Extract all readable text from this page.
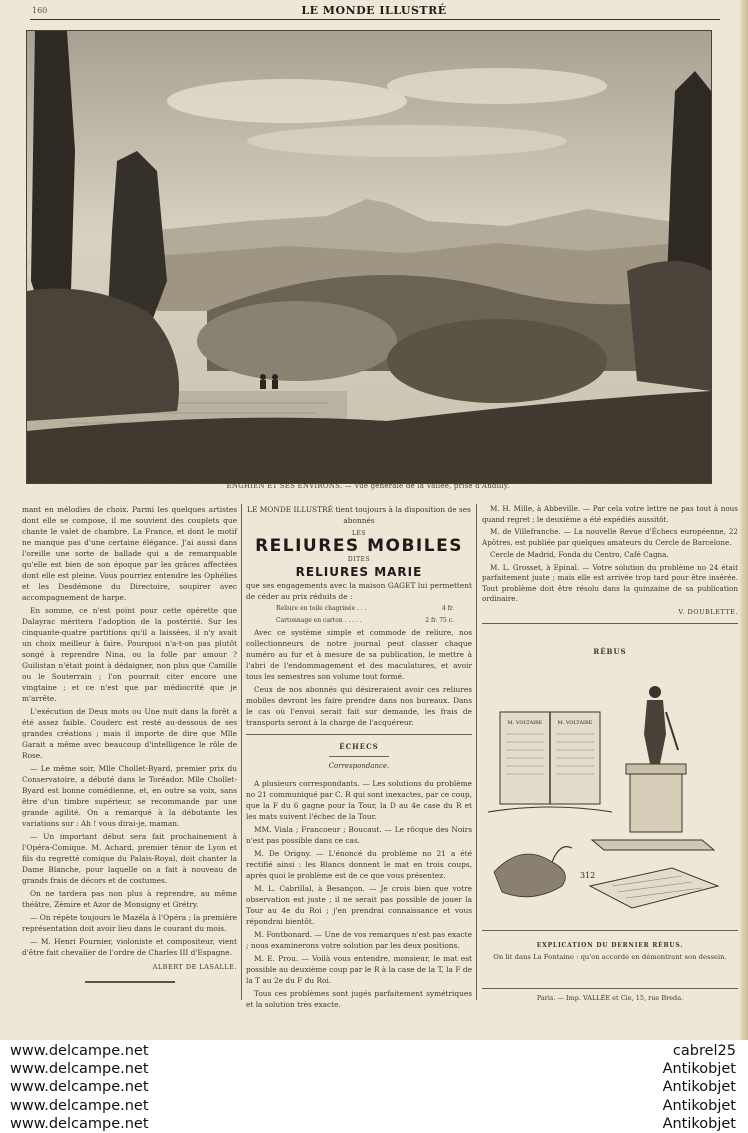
160	LE MONDE ILLUSTRÉ
ENGHIEN ET SES ENVIRONS. — Vue générale de la Vallée, prise d'Andilly.

mant en mélodies de choix. Parmi les quelques artistes dont elle se compose, il me souvient des couplets que chante le valet de chambre. La France, et dont le motif ne manque pas d'une certaine élégance. J'ai aussi dans l'oreille une sorte de ballade qui a de remarquable qu'elle est bien de son époque par les grâces affectées dont elle est pleine. Vous pourriez entendre les Ophélies et les Desdémone du Directoire, soupirer avec accompagnement de harpe.

En somme, ce n'est point pour cette opérette que Dalayrac méritera l'adoption de la postérité. Sur les cinquante-quatre partitions qu'il a laissées, il n'y avait un choix meilleur à faire. Pourquoi n'a-t-on pas plutôt songé à reprendre Nina, ou la folle par amour ? Guilistan n'était point à dédaigner, non plus que Camille ou le Souterrain ; l'on pourrait citer encore une vingtaine ; et ce n'est que par médiocrité que je m'arrête.

L'exécution de Deux mots ou Une nuit dans la forêt a été assez faible. Couderc est resté au-dessous de ses grandes créations ; mais il importe de dire que Mlle Garait a même avec beaucoup d'intelligence le rôle de Rose.

— Le même soir, Mlle Chollet-Byard, premier prix du Conservatoire, a débuté dans le Toréador. Mlle Chollet-Byard est bonne comédienne, et, en outre sa voix, sans être d'un timbre supérieur, se recommande par une grande agilité. On a remarqué à la débutante les variations sur : Ah ! vous dirai-je, maman.

— Un important début sera fait prochainement à l'Opéra-Comique. M. Achard, premier ténor de Lyon et fils du regretté comique du Palais-Royal, doit chanter la Dame Blanche, pour laquelle on a fait à nouveau de grands frais de décors et de costumes.

On ne tardera pas non plus à reprendre, au même théâtre, Zémire et Azor de Monsigny et Grétry.

— On répète toujours le Mazéla à l'Opéra ; la première représentation doit avoir lieu dans le courant du mois.

— M. Henri Fournier, violoniste et compositeur, vient d'être fait chevalier de l'ordre de Charles III d'Espagne.

ALBERT DE LASALLE.
LE MONDE ILLUSTRÉ tient toujours à la disposition de ses abonnés
LES
RELIURES MOBILES
DITES
RELIURES MARIE
que ses engagements avec la maison GAGET lui permettent de céder au prix réduits de :
Reliure en toile chagrinée . . .	4 fr.
Cartonnage en carton . . . . .	2 fr. 75 c.

Avec ce système simple et commode de reliure, nos collectionneurs de notre journal peut classer chaque numéro au fur et à mesure de sa publication, le mettre à l'abri de l'endommagement et des maculatures, et avoir tous les semestres son volume tout formé.

Ceux de nos abonnés qui désireraient avoir ces reliures mobiles devront les faire prendre dans nos bureaux. Dans le cas où l'envoi serait fait sur demande, les frais de transports seront à la charge de l'acquéreur.

ÉCHECS
Correspondance.

A plusieurs correspondants. — Les solutions du problème no 21 communiqué par C. R qui sont inexactes, par ce coup, que la F du 6 gagne pour la Tour, la D au 4e case du R et les mats suivent l'échec de la Tour.

MM. Viala ; Francoeur ; Boucaut. — Le rôcque des Noirs n'est pas possible dans ce cas.

M. De Origny. — L'énoncé du problème no 21 a été rectifié ainsi : les Blancs donnent le mat en trois coups, après quoi le problème est de ce que vous présentez.

M. L. Cabrillal, à Besançon. — Je crois bien que votre observation est juste ; il ne serait pas possible de jouer la Tour au 4e du Roi ; j'en prendrai connaissance et vous répondrai bientôt.

M. Fontbonard. — Une de vos remarques n'est pas exacte ; nous examinerons votre solution par les deux positions.

M. E. Prou. — Voilà vous entendre, monsieur, le mat est possible au deuxième coup par le R à la case de la T, la F de la T au 2e du F du Roi.

Tous ces problèmes sont jugés parfaitement symétriques et la solution très exacte.

M. H. Mille, à Abbeville. — Par cela votre lettre ne pas tout à nous quand regret ; le deuxième a été expédiés aussitôt.

M. de Villefranche. — La nouvelle Revue d'Échecs européenne, 22 Apôtres, est publiée par quelques amateurs du Cercle de Barcelone.

Cercle de Madrid, Fonda du Centro, Café Cagna.

M. L. Grosset, à Epinal. — Votre solution du problème no 24 était parfaitement juste ; mais elle est arrivée trop tard pour être insérée. Tout problème doit être résolu dans la quinzaine de sa publication ordinaire.

V. DOUBLETTE.
RÉBUS
M. VOLTAIRE	M. VOLTAIRE
312
EXPLICATION DU DERNIER RÉBUS.
On lit dans La Fontaine : qu'on accorde en démontrant son dessein.
Paris. — Imp. VALLÉE et Cie, 15, rue Breda.
www.delcampe.net
www.delcampe.net
www.delcampe.net
www.delcampe.net
www.delcampe.net
cabrel25
Antikobjet
Antikobjet
Antikobjet
Antikobjet
